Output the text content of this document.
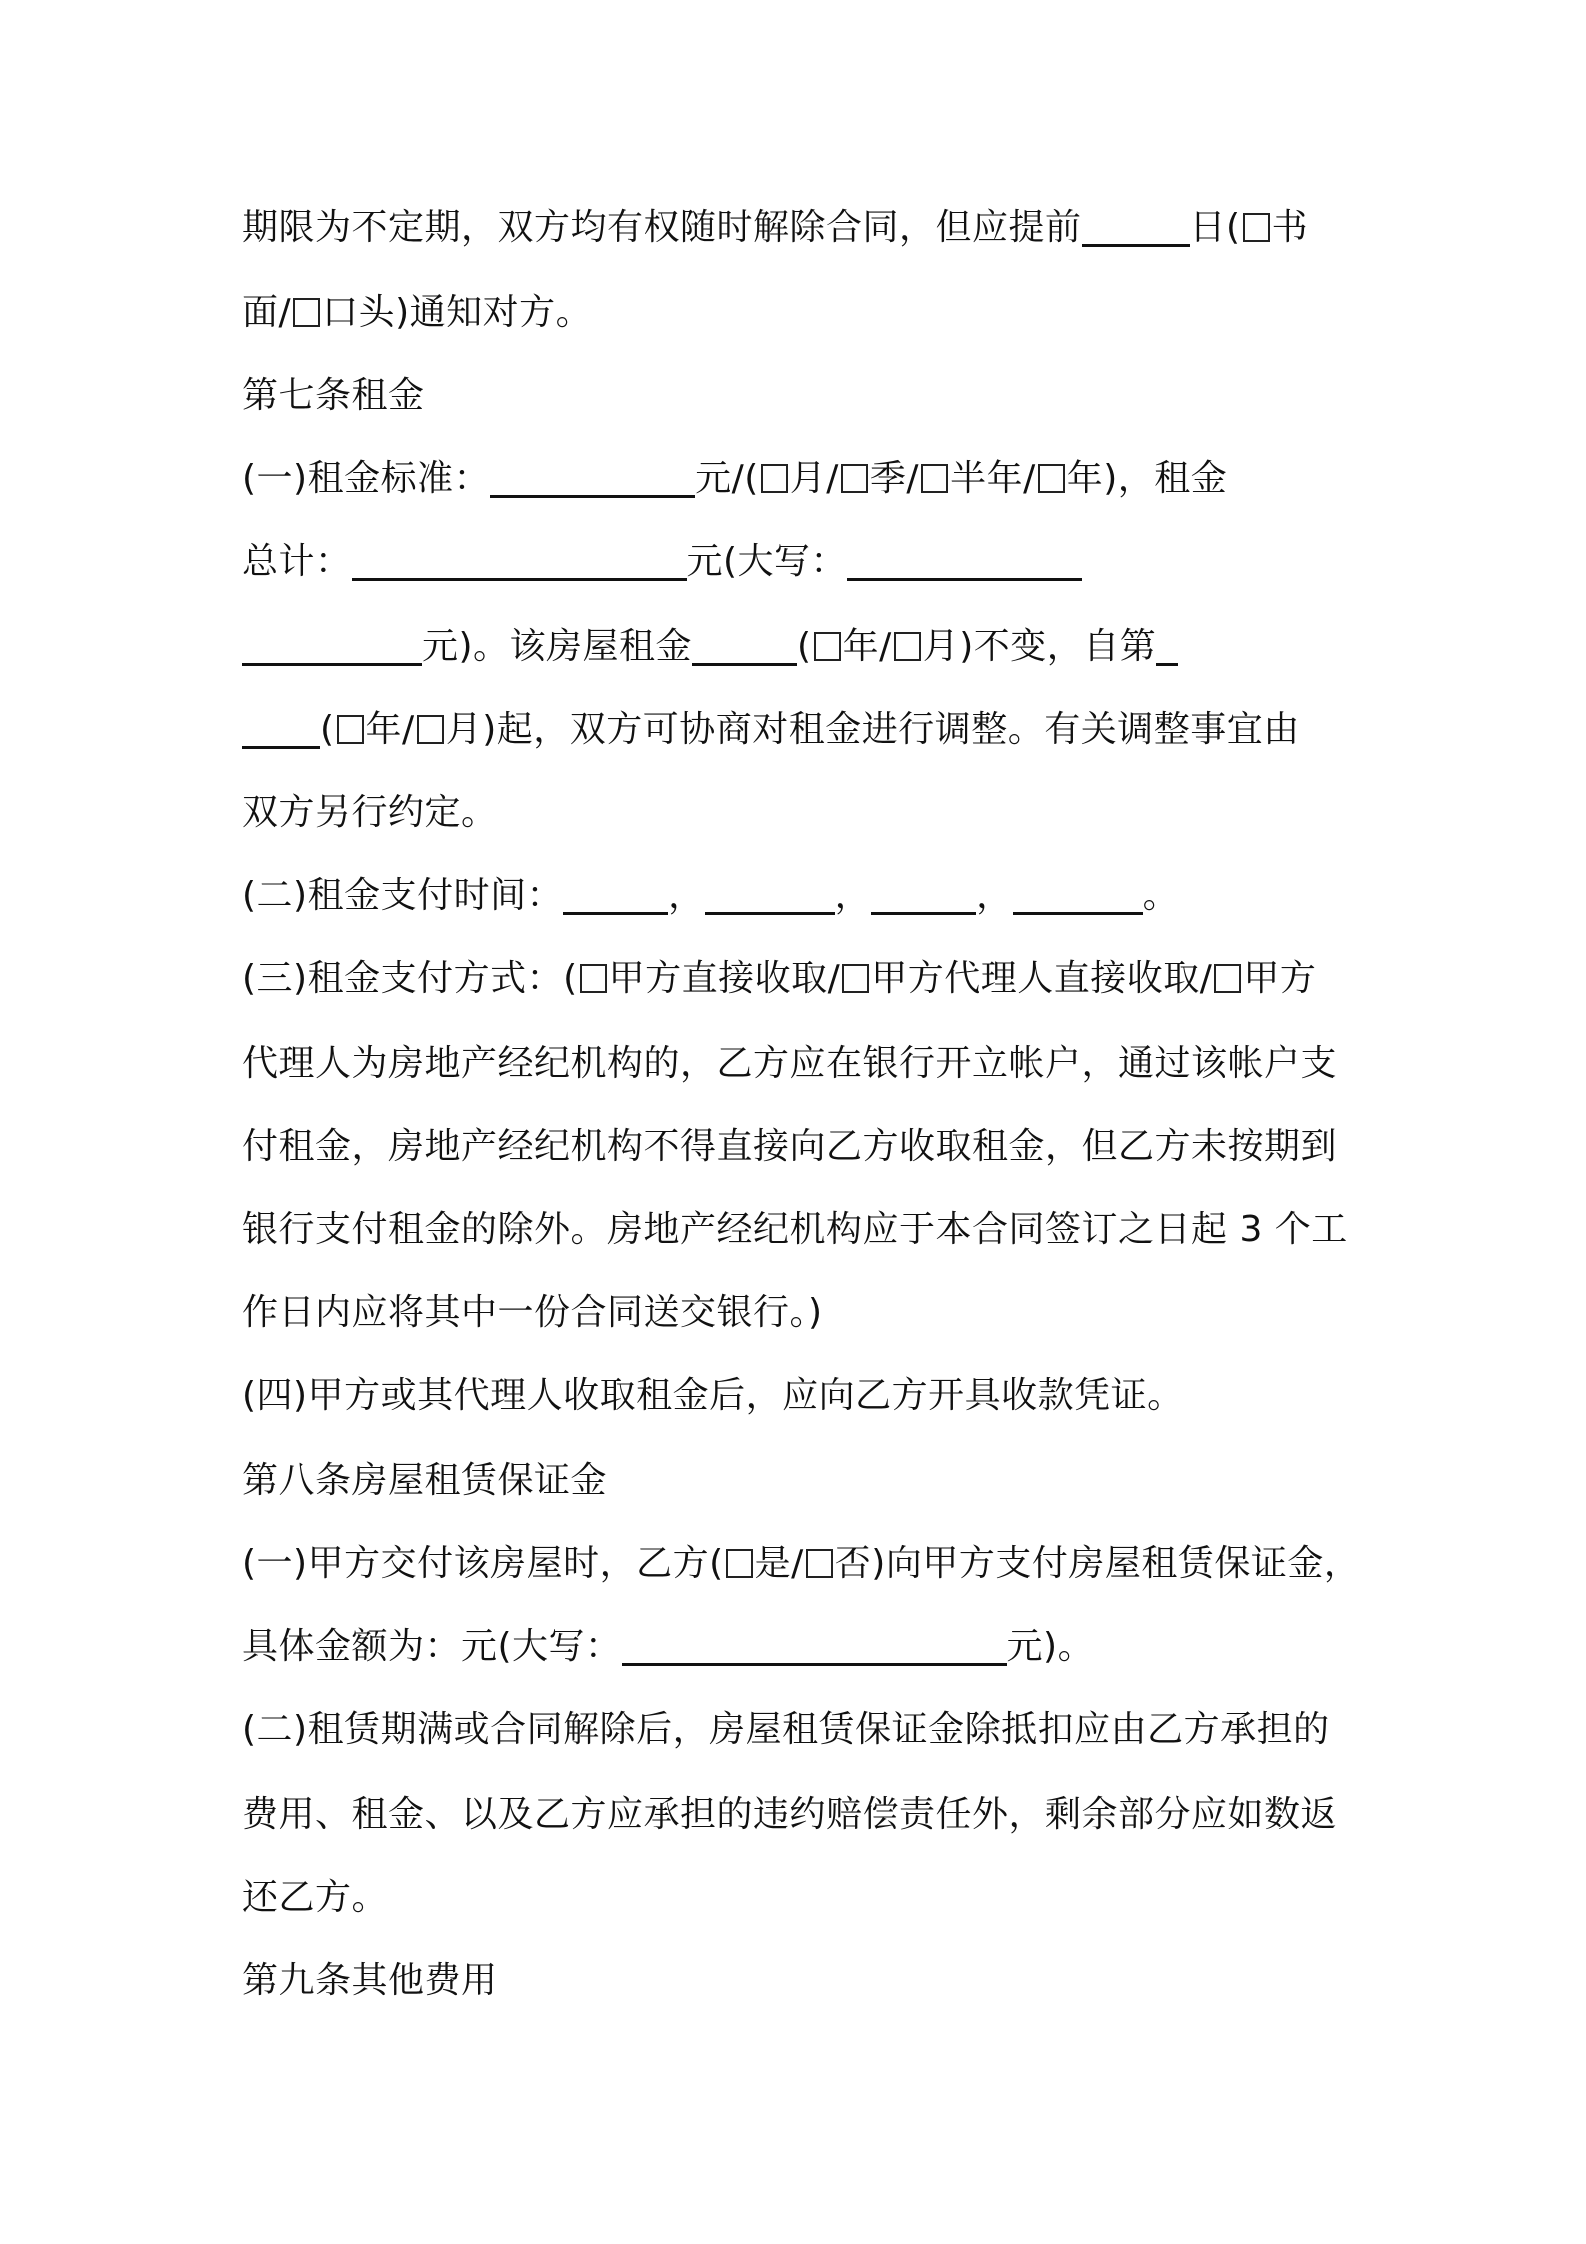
期限为不定期，双方均有权随时解除合同，但应提前	日( 书
面/ 口头)通知对方。
第七条租金
(一)租金标准：	元/( 月/ 季/ 半年/ 年)，租金
总计：	元(大写：
元)。该房屋租金	( 年/ 月)不变，自第
( 年/ 月)起，双方可协商对租金进行调整。有关调整事宜由
双方另行约定。
(二)租金支付时间：	，	，	，	。
(三)租金支付方式：( 甲方直接收取/ 甲方代理人直接收取/ 甲方
代理人为房地产经纪机构的，乙方应在银行开立帐户，通过该帐户支
付租金，房地产经纪机构不得直接向乙方收取租金，但乙方未按期到
银行支付租金的除外。房地产经纪机构应于本合同签订之日起 3 个工
作日内应将其中一份合同送交银行。)
(四)甲方或其代理人收取租金后，应向乙方开具收款凭证。
第八条房屋租赁保证金
(一)甲方交付该房屋时，乙方( 是/ 否)向甲方支付房屋租赁保证金，
具体金额为：元(大写：	元)。
(二)租赁期满或合同解除后，房屋租赁保证金除抵扣应由乙方承担的
费用、租金、以及乙方应承担的违约赔偿责任外，剩余部分应如数返
还乙方。
第九条其他费用
